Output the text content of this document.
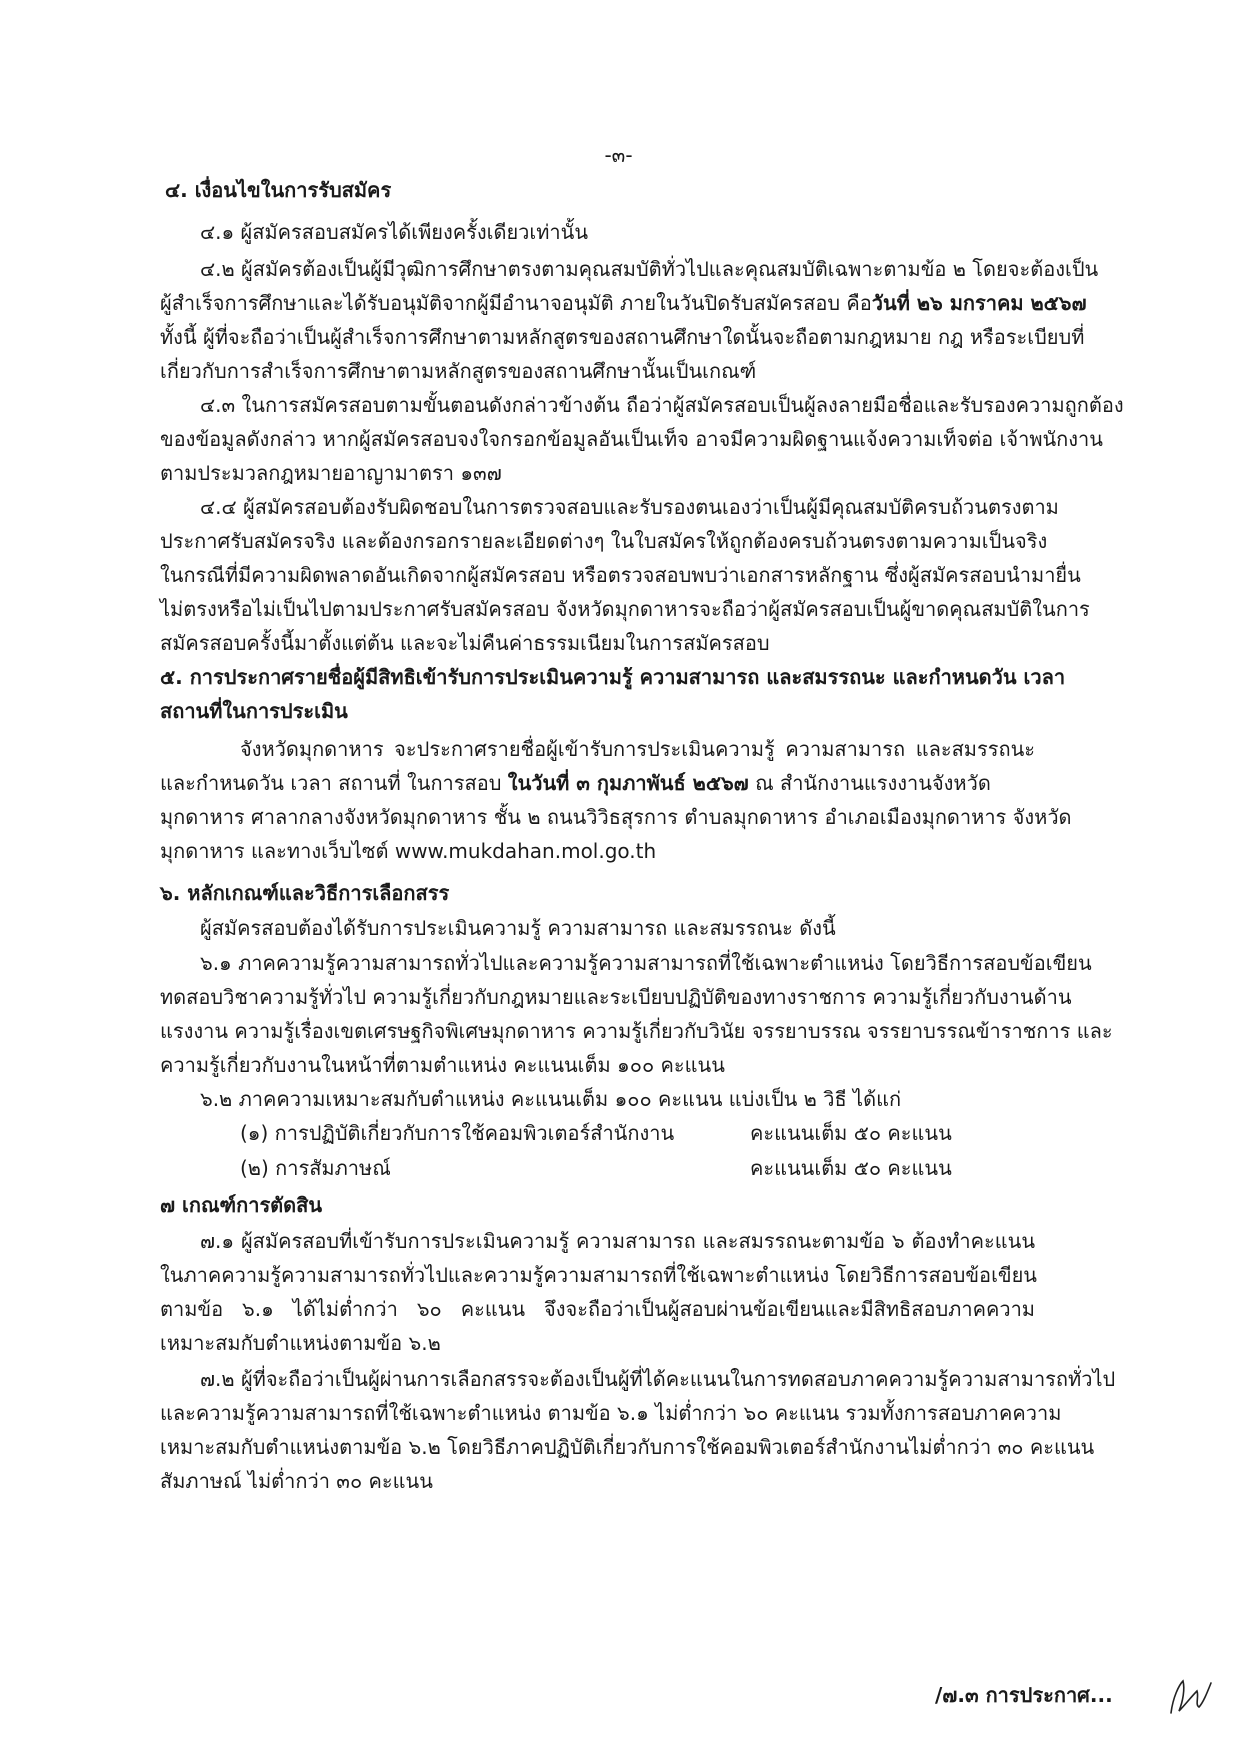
-๓-
๔. เงื่อนไขในการรับสมัคร
๔.๑ ผู้สมัครสอบสมัครได้เพียงครั้งเดียวเท่านั้น
๔.๒ ผู้สมัครต้องเป็นผู้มีวุฒิการศึกษาตรงตามคุณสมบัติทั่วไปและคุณสมบัติเฉพาะตามข้อ ๒ โดยจะต้องเป็น
ผู้สำเร็จการศึกษาและได้รับอนุมัติจากผู้มีอำนาจอนุมัติ ภายในวันปิดรับสมัครสอบ คือวันที่ ๒๖ มกราคม ๒๕๖๗
ทั้งนี้ ผู้ที่จะถือว่าเป็นผู้สำเร็จการศึกษาตามหลักสูตรของสถานศึกษาใดนั้นจะถือตามกฎหมาย กฎ หรือระเบียบที่
เกี่ยวกับการสำเร็จการศึกษาตามหลักสูตรของสถานศึกษานั้นเป็นเกณฑ์
๔.๓ ในการสมัครสอบตามขั้นตอนดังกล่าวข้างต้น ถือว่าผู้สมัครสอบเป็นผู้ลงลายมือชื่อและรับรองความถูกต้อง
ของข้อมูลดังกล่าว หากผู้สมัครสอบจงใจกรอกข้อมูลอันเป็นเท็จ อาจมีความผิดฐานแจ้งความเท็จต่อ เจ้าพนักงาน
ตามประมวลกฎหมายอาญามาตรา ๑๓๗
๔.๔ ผู้สมัครสอบต้องรับผิดชอบในการตรวจสอบและรับรองตนเองว่าเป็นผู้มีคุณสมบัติครบถ้วนตรงตาม
ประกาศรับสมัครจริง และต้องกรอกรายละเอียดต่างๆ ในใบสมัครให้ถูกต้องครบถ้วนตรงตามความเป็นจริง
ในกรณีที่มีความผิดพลาดอันเกิดจากผู้สมัครสอบ หรือตรวจสอบพบว่าเอกสารหลักฐาน ซึ่งผู้สมัครสอบนำมายื่น
ไม่ตรงหรือไม่เป็นไปตามประกาศรับสมัครสอบ จังหวัดมุกดาหารจะถือว่าผู้สมัครสอบเป็นผู้ขาดคุณสมบัติในการ
สมัครสอบครั้งนี้มาตั้งแต่ต้น และจะไม่คืนค่าธรรมเนียมในการสมัครสอบ
๕. การประกาศรายชื่อผู้มีสิทธิเข้ารับการประเมินความรู้ ความสามารถ และสมรรถนะ และกำหนดวัน เวลา
สถานที่ในการประเมิน
จังหวัดมุกดาหาร จะประกาศรายชื่อผู้เข้ารับการประเมินความรู้ ความสามารถ และสมรรถนะ
และกำหนดวัน เวลา สถานที่ ในการสอบ ในวันที่ ๓ กุมภาพันธ์ ๒๕๖๗ ณ สำนักงานแรงงานจังหวัด
มุกดาหาร ศาลากลางจังหวัดมุกดาหาร ชั้น ๒ ถนนวิวิธสุรการ ตำบลมุกดาหาร อำเภอเมืองมุกดาหาร จังหวัด
มุกดาหาร และทางเว็บไซต์ www.mukdahan.mol.go.th
๖. หลักเกณฑ์และวิธีการเลือกสรร
ผู้สมัครสอบต้องได้รับการประเมินความรู้ ความสามารถ และสมรรถนะ ดังนี้
๖.๑ ภาคความรู้ความสามารถทั่วไปและความรู้ความสามารถที่ใช้เฉพาะตำแหน่ง โดยวิธีการสอบข้อเขียน
ทดสอบวิชาความรู้ทั่วไป ความรู้เกี่ยวกับกฎหมายและระเบียบปฏิบัติของทางราชการ ความรู้เกี่ยวกับงานด้าน
แรงงาน ความรู้เรื่องเขตเศรษฐกิจพิเศษมุกดาหาร ความรู้เกี่ยวกับวินัย จรรยาบรรณ จรรยาบรรณข้าราชการ และ
ความรู้เกี่ยวกับงานในหน้าที่ตามตำแหน่ง คะแนนเต็ม ๑๐๐ คะแนน
๖.๒ ภาคความเหมาะสมกับตำแหน่ง คะแนนเต็ม ๑๐๐ คะแนน แบ่งเป็น ๒ วิธี ได้แก่
(๑) การปฏิบัติเกี่ยวกับการใช้คอมพิวเตอร์สำนักงาน	คะแนนเต็ม ๕๐ คะแนน
(๒) การสัมภาษณ์	คะแนนเต็ม ๕๐ คะแนน
๗ เกณฑ์การตัดสิน
๗.๑ ผู้สมัครสอบที่เข้ารับการประเมินความรู้ ความสามารถ และสมรรถนะตามข้อ ๖ ต้องทำคะแนน
ในภาคความรู้ความสามารถทั่วไปและความรู้ความสามารถที่ใช้เฉพาะตำแหน่ง โดยวิธีการสอบข้อเขียน
ตามข้อ ๖.๑ ได้ไม่ต่ำกว่า ๖๐ คะแนน จึงจะถือว่าเป็นผู้สอบผ่านข้อเขียนและมีสิทธิสอบภาคความ
เหมาะสมกับตำแหน่งตามข้อ ๖.๒
๗.๒ ผู้ที่จะถือว่าเป็นผู้ผ่านการเลือกสรรจะต้องเป็นผู้ที่ได้คะแนนในการทดสอบภาคความรู้ความสามารถทั่วไป
และความรู้ความสามารถที่ใช้เฉพาะตำแหน่ง ตามข้อ ๖.๑ ไม่ต่ำกว่า ๖๐ คะแนน รวมทั้งการสอบภาคความ
เหมาะสมกับตำแหน่งตามข้อ ๖.๒ โดยวิธีภาคปฏิบัติเกี่ยวกับการใช้คอมพิวเตอร์สำนักงานไม่ต่ำกว่า ๓๐ คะแนน
สัมภาษณ์ ไม่ต่ำกว่า ๓๐ คะแนน
/๗.๓ การประกาศ...
